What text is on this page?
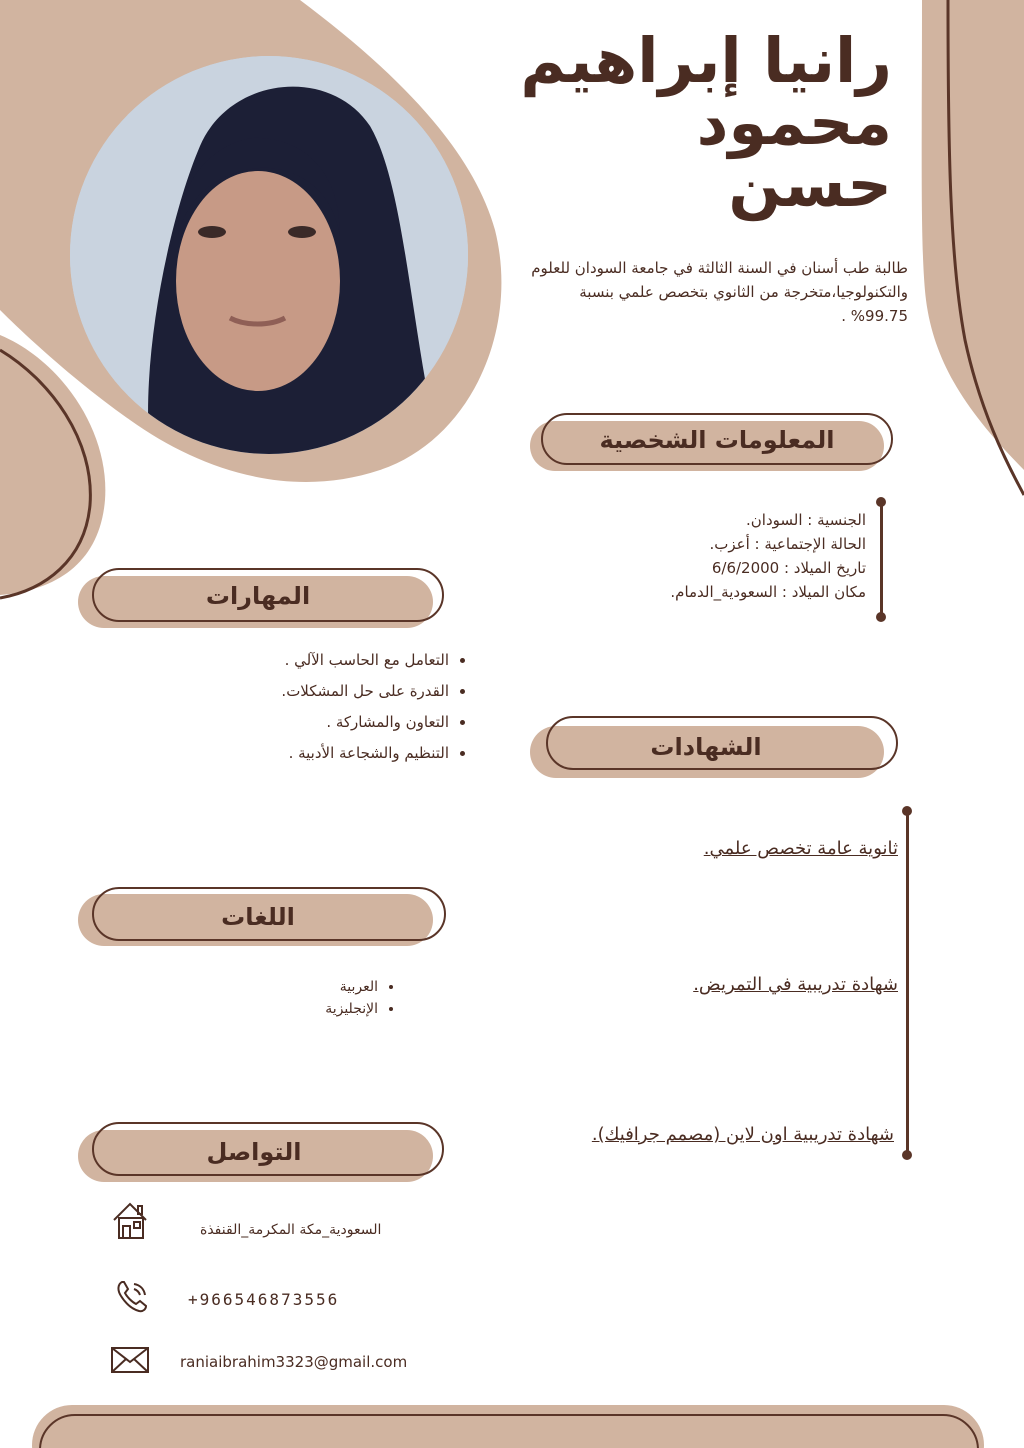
رانيا إبراهيم
محمود
حسن
طالبة طب أسنان في السنة الثالثة في جامعة السودان للعلوم والتكنولوجيا،متخرجة من الثانوي بتخصص علمي بنسبة 99.75% .
المعلومات الشخصية
الجنسية : السودان.
الحالة الإجتماعية : أعزب.
تاريخ الميلاد : 6/6/2000
مكان الميلاد : السعودية_الدمام.
المهارات
• التعامل مع الحاسب الآلي .
• القدرة على حل المشكلات.
• التعاون والمشاركة .
• التنظيم والشجاعة الأدبية .	الشهادات
ثانوية عامة تخصص علمي.
شهادة تدريبية في التمريض.
شهادة تدريبية اون لاين (مصمم جرافيك).
اللغات
• العربية
• الإنجليزية
التواصل
السعودية_مكة المكرمة_القنفذة
+966546873556
raniaibrahim3323@gmail.com
